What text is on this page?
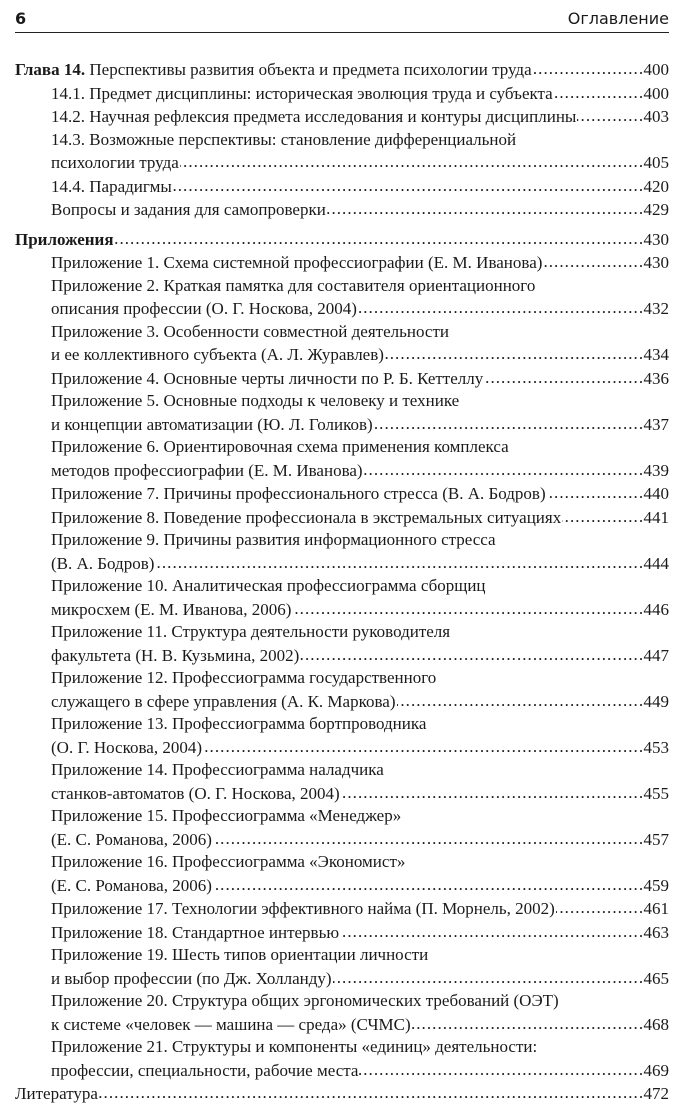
6	Оглавление
Глава 14.
Перспективы развития объекта и предмета психологии труда . . .	400
14.1. Предмет дисциплины: историческая эволюция труда и субъекта . . .	400
14.2. Научная рефлексия предмета исследования и контуры дисциплины . . .	403
14.3. Возможные перспективы: становление дифференциальной
психологии труда . . .	405
14.4. Парадигмы . . .	420
Вопросы и задания для самопроверки . . .	429
Приложения . . .	430
Приложение 1. Схема системной профессиографии (Е. М. Иванова) . . .	430
Приложение 2. Краткая памятка для составителя ориентационного
описания профессии (О. Г. Носкова, 2004) . . .	432
Приложение 3. Особенности совместной деятельности
и ее коллективного субъекта (А. Л. Журавлев) . . .	434
Приложение 4. Основные черты личности по Р. Б. Кеттеллу . . .	436
Приложение 5. Основные подходы к человеку и технике
и концепции автоматизации (Ю. Л. Голиков) . . .	437
Приложение 6. Ориентировочная схема применения комплекса
методов профессиографии (Е. М. Иванова) . . .	439
Приложение 7. Причины профессионального стресса (В. А. Бодров) . . .	440
Приложение 8. Поведение профессионала в экстремальных ситуациях . . .	441
Приложение 9. Причины развития информационного стресса
(В. А. Бодров) . . .	444
Приложение 10. Аналитическая профессиограмма сборщиц
микросхем (Е. М. Иванова, 2006) . . .	446
Приложение 11. Структура деятельности руководителя
факультета (Н. В. Кузьмина, 2002) . . .	447
Приложение 12. Профессиограмма государственного
служащего в сфере управления (А. К. Маркова) . . .	449
Приложение 13. Профессиограмма бортпроводника
(О. Г. Носкова, 2004) . . .	453
Приложение 14. Профессиограмма наладчика
станков-автоматов (О. Г. Носкова, 2004) . . .	455
Приложение 15. Профессиограмма «Менеджер»
(Е. С. Романова, 2006) . . .	457
Приложение 16. Профессиограмма «Экономист»
(Е. С. Романова, 2006) . . .	459
Приложение 17. Технологии эффективного найма (П. Морнель, 2002) . . .	461
Приложение 18. Стандартное интервью . . .	463
Приложение 19. Шесть типов ориентации личности
и выбор профессии (по Дж. Холланду) . . .	465
Приложение 20. Структура общих эргономических требований (ОЭТ)
к системе «человек — машина — среда» (СЧМС) . . .	468
Приложение 21. Структуры и компоненты «единиц» деятельности:
профессии, специальности, рабочие места . . .	469
Литература . . .	472
